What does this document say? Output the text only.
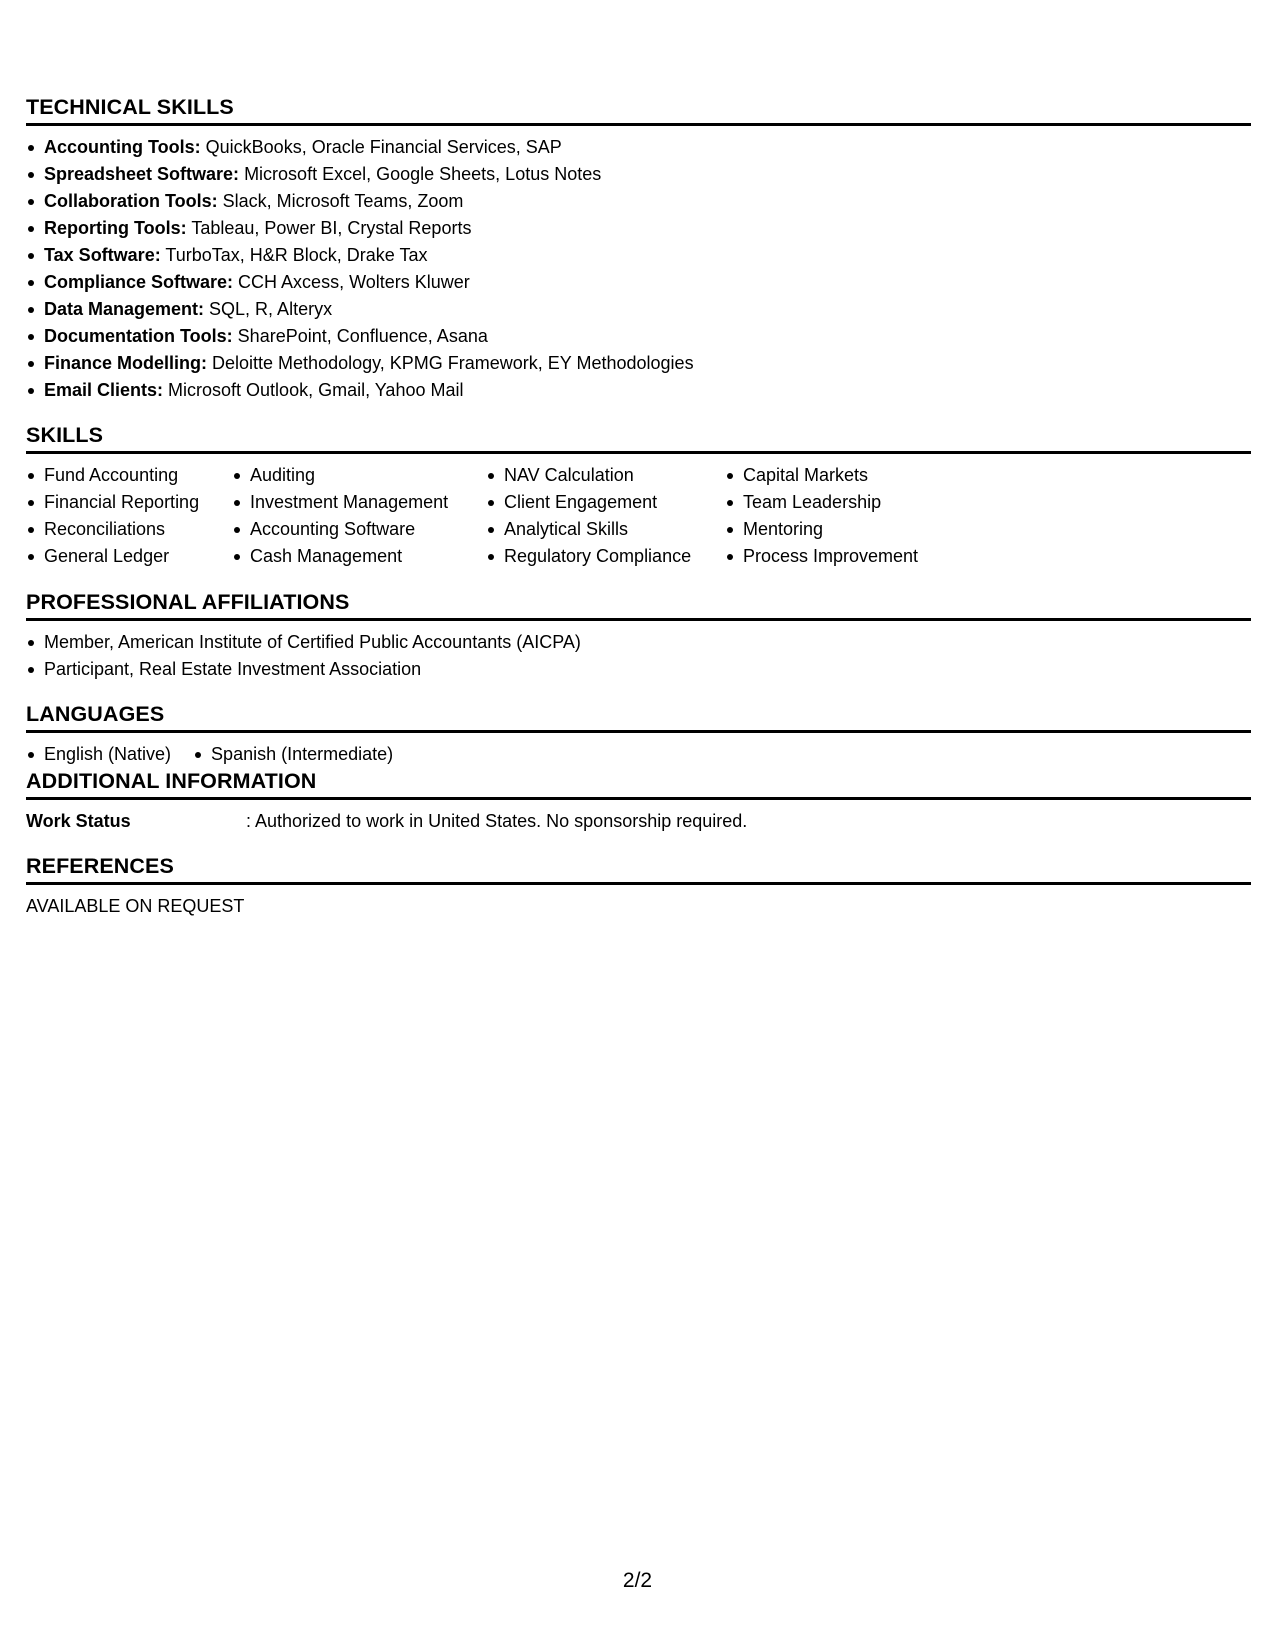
TECHNICAL SKILLS
Accounting Tools: QuickBooks, Oracle Financial Services, SAP
Spreadsheet Software: Microsoft Excel, Google Sheets, Lotus Notes
Collaboration Tools: Slack, Microsoft Teams, Zoom
Reporting Tools: Tableau, Power BI, Crystal Reports
Tax Software: TurboTax, H&R Block, Drake Tax
Compliance Software: CCH Axcess, Wolters Kluwer
Data Management: SQL, R, Alteryx
Documentation Tools: SharePoint, Confluence, Asana
Finance Modelling: Deloitte Methodology, KPMG Framework, EY Methodologies
Email Clients: Microsoft Outlook, Gmail, Yahoo Mail
SKILLS
Fund Accounting
Financial Reporting
Reconciliations
General Ledger
Auditing
Investment Management
Accounting Software
Cash Management
NAV Calculation
Client Engagement
Analytical Skills
Regulatory Compliance
Capital Markets
Team Leadership
Mentoring
Process Improvement
PROFESSIONAL AFFILIATIONS
Member, American Institute of Certified Public Accountants (AICPA)
Participant, Real Estate Investment Association
LANGUAGES
English (Native)	Spanish (Intermediate)
ADDITIONAL INFORMATION
Work Status	: Authorized to work in United States. No sponsorship required.
REFERENCES
AVAILABLE ON REQUEST
2/2
